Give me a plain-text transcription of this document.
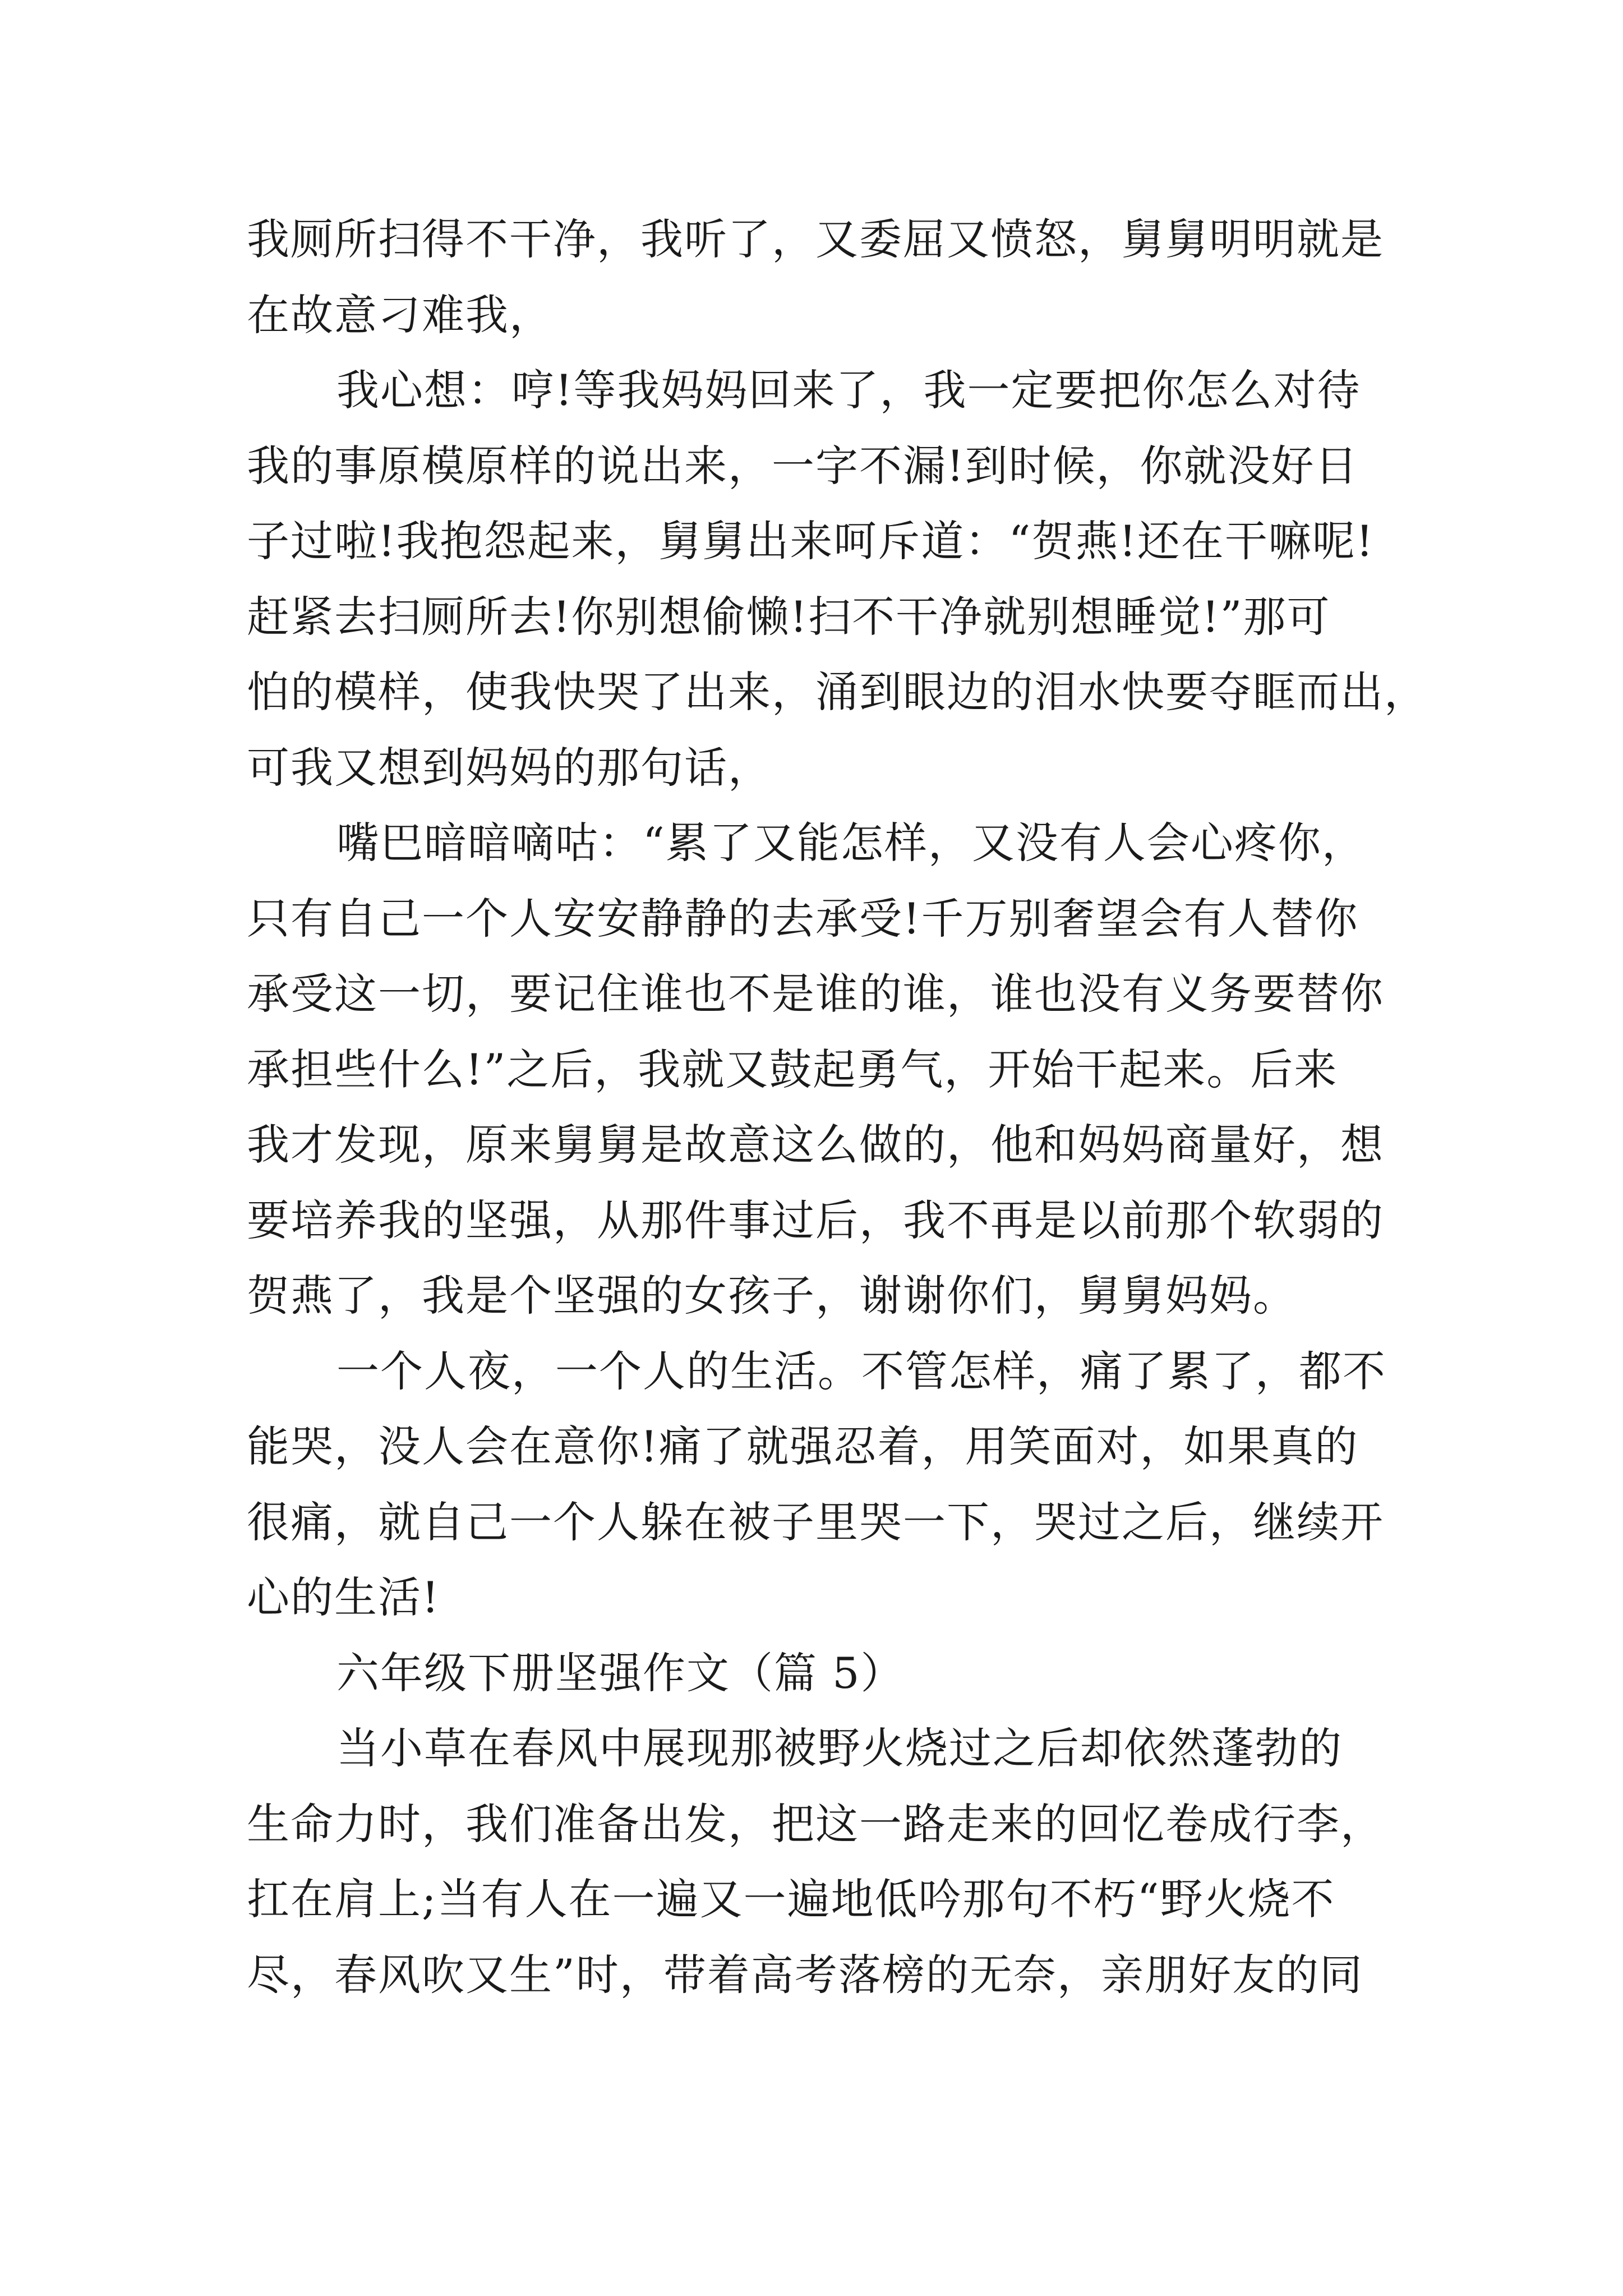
我厕所扫得不干净，我听了，又委屈又愤怒，舅舅明明就是
在故意刁难我，
我心想：哼!等我妈妈回来了，我一定要把你怎么对待
我的事原模原样的说出来，一字不漏!到时候，你就没好日
子过啦!我抱怨起来，舅舅出来呵斥道：“贺燕!还在干嘛呢!
赶紧去扫厕所去!你别想偷懒!扫不干净就别想睡觉!”那可
怕的模样，使我快哭了出来，涌到眼边的泪水快要夺眶而出，
可我又想到妈妈的那句话，
嘴巴暗暗嘀咕：“累了又能怎样，又没有人会心疼你，
只有自己一个人安安静静的去承受!千万别奢望会有人替你
承受这一切，要记住谁也不是谁的谁，谁也没有义务要替你
承担些什么!”之后，我就又鼓起勇气，开始干起来。后来
我才发现，原来舅舅是故意这么做的，他和妈妈商量好，想
要培养我的坚强，从那件事过后，我不再是以前那个软弱的
贺燕了，我是个坚强的女孩子，谢谢你们，舅舅妈妈。
一个人夜，一个人的生活。不管怎样，痛了累了，都不
能哭，没人会在意你!痛了就强忍着，用笑面对，如果真的
很痛，就自己一个人躲在被子里哭一下，哭过之后，继续开
心的生活!
六年级下册坚强作文（篇 5）
当小草在春风中展现那被野火烧过之后却依然蓬勃的
生命力时，我们准备出发，把这一路走来的回忆卷成行李，
扛在肩上;当有人在一遍又一遍地低吟那句不朽“野火烧不
尽，春风吹又生”时，带着高考落榜的无奈，亲朋好友的同
